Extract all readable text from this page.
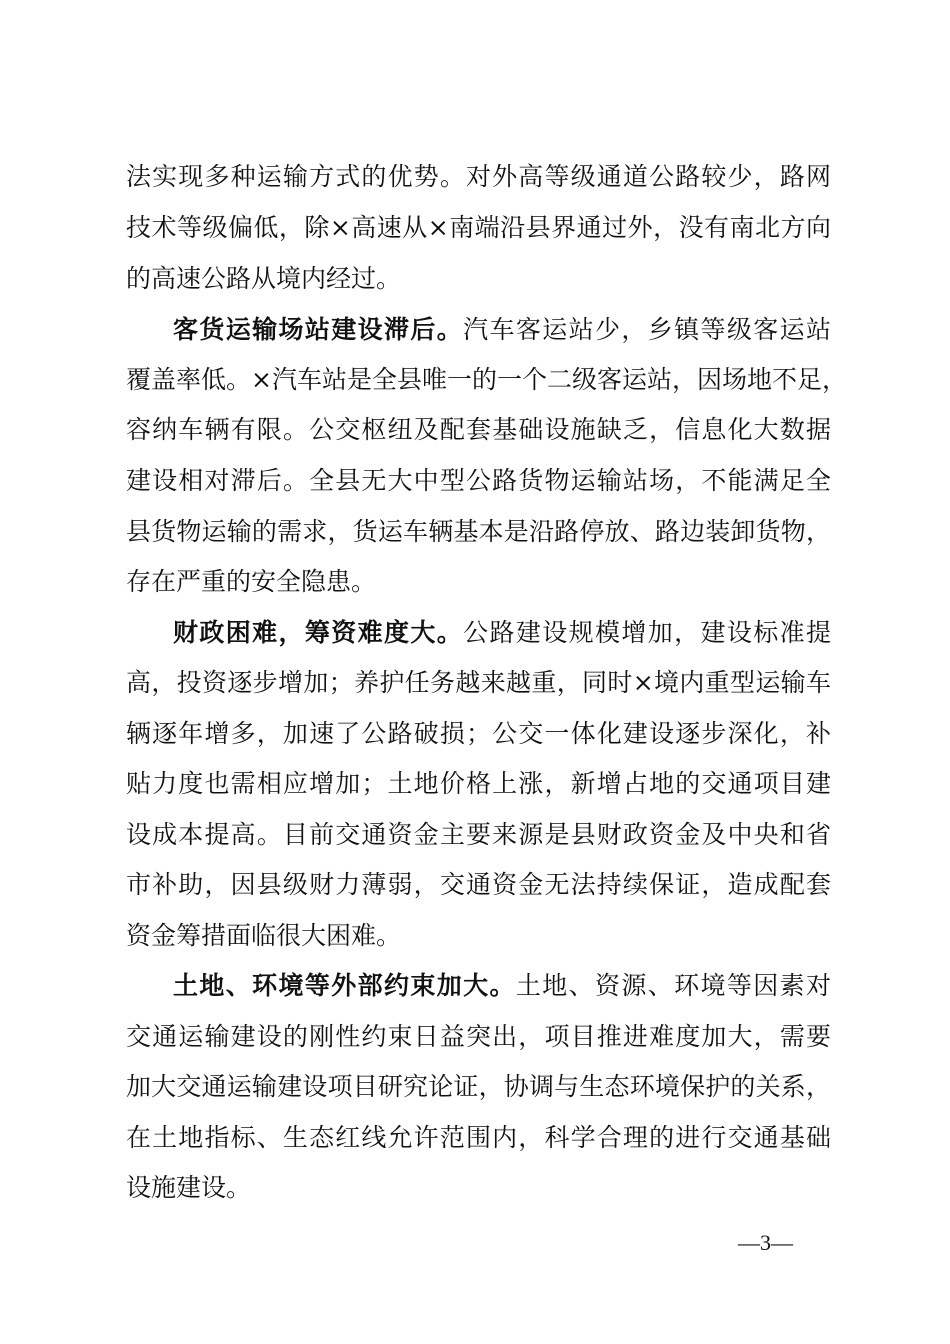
法实现多种运输方式的优势。对外高等级通道公路较少，路网
技术等级偏低，除×高速从×南端沿县界通过外，没有南北方向
的高速公路从境内经过。
客货运输场站建设滞后。汽车客运站少，乡镇等级客运站
覆盖率低。×汽车站是全县唯一的一个二级客运站，因场地不足，
容纳车辆有限。公交枢纽及配套基础设施缺乏，信息化大数据
建设相对滞后。全县无大中型公路货物运输站场，不能满足全
县货物运输的需求，货运车辆基本是沿路停放、路边装卸货物，
存在严重的安全隐患。
财政困难，筹资难度大。公路建设规模增加，建设标准提
高，投资逐步增加；养护任务越来越重，同时×境内重型运输车
辆逐年增多，加速了公路破损；公交一体化建设逐步深化，补
贴力度也需相应增加；土地价格上涨，新增占地的交通项目建
设成本提高。目前交通资金主要来源是县财政资金及中央和省
市补助，因县级财力薄弱，交通资金无法持续保证，造成配套
资金筹措面临很大困难。
土地、环境等外部约束加大。土地、资源、环境等因素对
交通运输建设的刚性约束日益突出，项目推进难度加大，需要
加大交通运输建设项目研究论证，协调与生态环境保护的关系，
在土地指标、生态红线允许范围内，科学合理的进行交通基础
设施建设。
—3—
